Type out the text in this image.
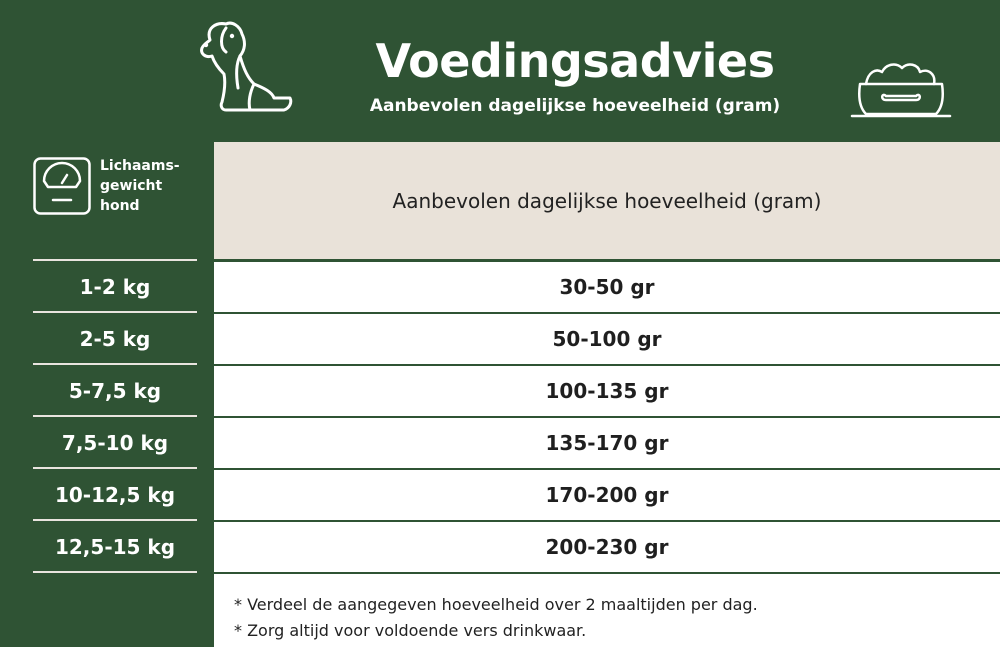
Voedingsadvies
Aanbevolen dagelijkse hoeveelheid (gram)
Lichaams-
gewicht
hond
1-2 kg
2-5 kg
5-7,5 kg
7,5-10 kg
10-12,5 kg
12,5-15 kg
Aanbevolen dagelijkse hoeveelheid (gram)
30-50 gr
50-100 gr
100-135 gr
135-170 gr
170-200 gr
200-230 gr
* Verdeel de aangegeven hoeveelheid over 2 maaltijden per dag.
* Zorg altijd voor voldoende vers drinkwaar.
